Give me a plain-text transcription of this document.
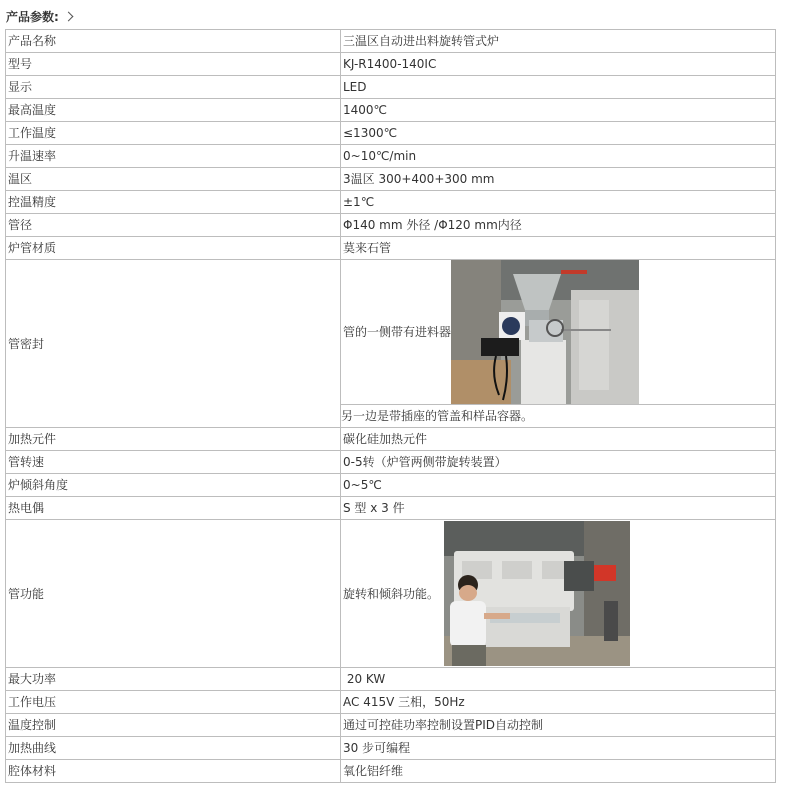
产品参数:
产品名称	三温区自动进出料旋转管式炉
型号	KJ-R1400-140IC
显示	LED
最高温度	1400℃
工作温度	≤1300℃
升温速率	0~10℃/min
温区	3温区 300+400+300 mm
控温精度	±1℃
管径	Φ140 mm 外径 /Φ120 mm内径
炉管材质	莫来石管
管密封	管的一侧带有进料器
另一边是带插座的管盖和样品容器。

加热元件	碳化硅加热元件
管转速	0-5转（炉管两侧带旋转装置）
炉倾斜角度	0~5℃
热电偶	S 型 x 3 件
管功能	旋转和倾斜功能。

最大功率	20 KW
工作电压	AC 415V 三相，50Hz
温度控制	通过可控硅功率控制设置PID自动控制
加热曲线	30 步可编程
腔体材料	氧化铝纤维
